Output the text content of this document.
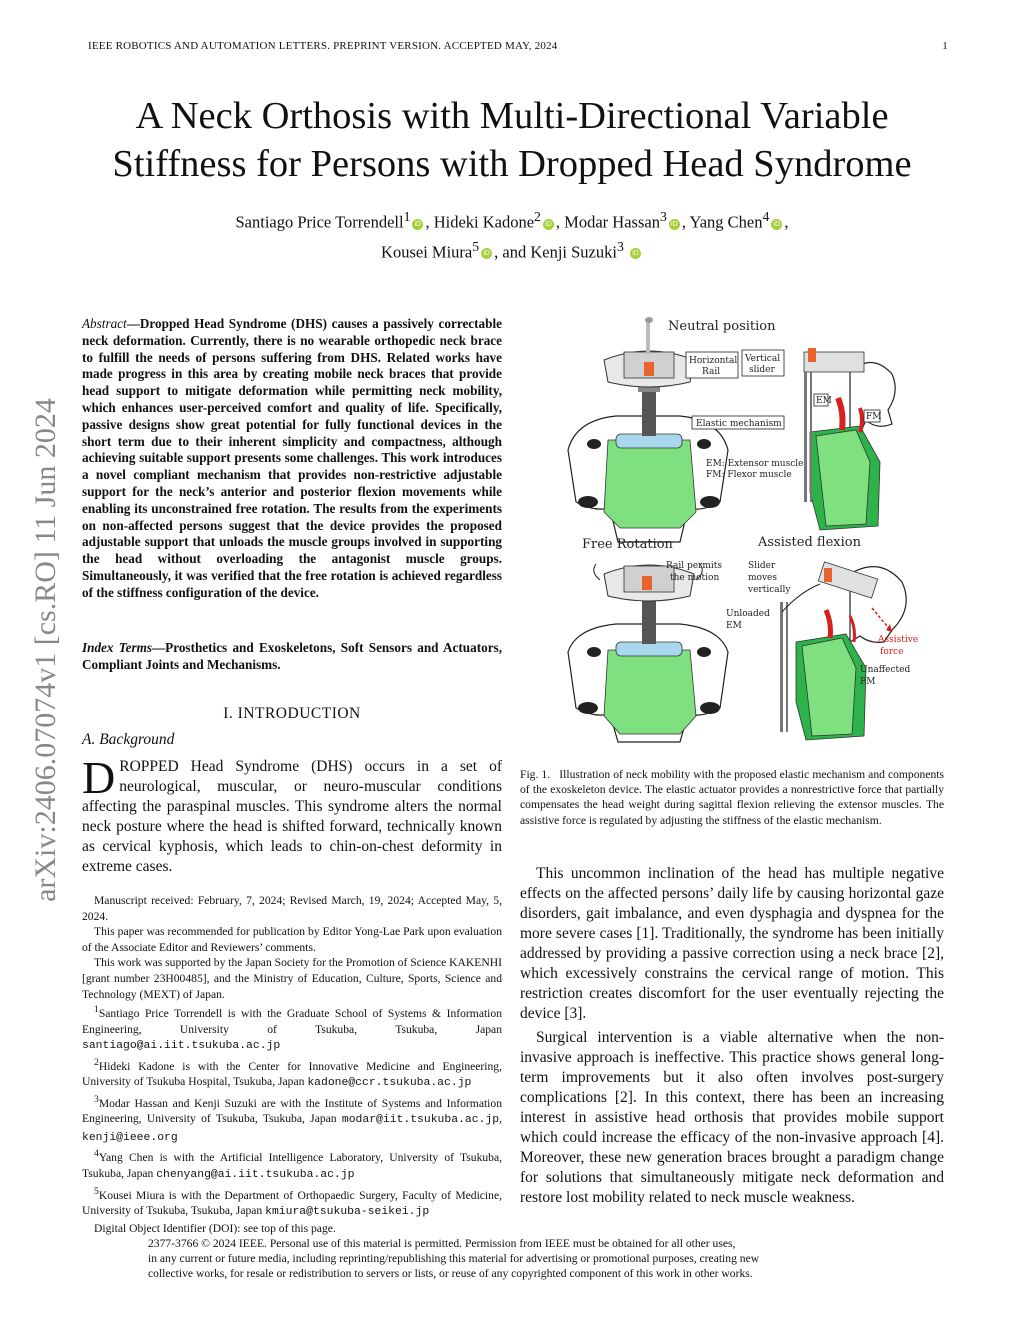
IEEE ROBOTICS AND AUTOMATION LETTERS. PREPRINT VERSION. ACCEPTED MAY, 2024	1
A Neck Orthosis with Multi-Directional Variable
Stiffness for Persons with Dropped Head Syndrome
Santiago Price Torrendell$^1$ iD , Hideki Kadone$^2$ iD , Modar Hassan$^3$ iD , Yang Chen$^4$ iD ,
Kousei Miura$^5$ iD , and Kenji Suzuki$^3$ iD
arXiv:2406.07074v1 [cs.RO] 11 Jun 2024
Abstract—Dropped Head Syndrome (DHS) causes a passively correctable neck deformation. Currently, there is no wearable orthopedic neck brace to fulfill the needs of persons suffering from DHS. Related works have made progress in this area by creating mobile neck braces that provide head support to mitigate deformation while permitting neck mobility, which enhances user-perceived comfort and quality of life. Specifically, passive designs show great potential for fully functional devices in the short term due to their inherent simplicity and compactness, although achieving suitable support presents some challenges. This work introduces a novel compliant mechanism that provides non-restrictive adjustable support for the neck’s anterior and posterior flexion movements while enabling its unconstrained free rotation. The results from the experiments on non-affected persons suggest that the device provides the proposed adjustable support that unloads the muscle groups involved in supporting the head without overloading the antagonist muscle groups. Simultaneously, it was verified that the free rotation is achieved regardless of the stiffness configuration of the device.
Index Terms—Prosthetics and Exoskeletons, Soft Sensors and Actuators, Compliant Joints and Mechanisms.
I. INTRODUCTION
A. Background
DROPPED Head Syndrome (DHS) occurs in a set of neurological, muscular, or neuro-muscular conditions affecting the paraspinal muscles. This syndrome alters the normal neck posture where the head is shifted forward, technically known as cervical kyphosis, which leads to chin-on-chest deformity in extreme cases.

Manuscript received: February, 7, 2024; Revised March, 19, 2024; Accepted May, 5, 2024.

This paper was recommended for publication by Editor Yong-Lae Park upon evaluation of the Associate Editor and Reviewers’ comments.

This work was supported by the Japan Society for the Promotion of Science KAKENHI [grant number 23H00485], and the Ministry of Education, Culture, Sports, Science and Technology (MEXT) of Japan.

$^1$Santiago Price Torrendell is with the Graduate School of Systems & Information Engineering, University of Tsukuba, Tsukuba, Japan santiago@ai.iit.tsukuba.ac.jp

$^2$Hideki Kadone is with the Center for Innovative Medicine and Engineering, University of Tsukuba Hospital, Tsukuba, Japan kadone@ccr.tsukuba.ac.jp

$^3$Modar Hassan and Kenji Suzuki are with the Institute of Systems and Information Engineering, University of Tsukuba, Tsukuba, Japan modar@iit.tsukuba.ac.jp, kenji@ieee.org

$^4$Yang Chen is with the Artificial Intelligence Laboratory, University of Tsukuba, Tsukuba, Japan chenyang@ai.iit.tsukuba.ac.jp

$^5$Kousei Miura is with the Department of Orthopaedic Surgery, Faculty of Medicine, University of Tsukuba, Tsukuba, Japan kmiura@tsukuba-seikei.jp

Digital Object Identifier (DOI): see top of this page.

Neutral position
Horizontal
Rail
Vertical
slider
Elastic mechanism
EM: Extensor muscle
FM: Flexor muscle
EM
FM
Free Rotation
Rail permits
the motion
Assisted flexion
Slider
moves
vertically
Unloaded
EM
Assistive
force
Unaffected
FM
Fig. 1. Illustration of neck mobility with the proposed elastic mechanism and components of the exoskeleton device. The elastic actuator provides a nonrestrictive force that partially compensates the head weight during sagittal flexion relieving the extensor muscles. The assistive force is regulated by adjusting the stiffness of the elastic mechanism.

This uncommon inclination of the head has multiple negative effects on the affected persons’ daily life by causing horizontal gaze disorders, gait imbalance, and even dysphagia and dyspnea for the more severe cases [1]. Traditionally, the syndrome has been initially addressed by providing a passive correction using a neck brace [2], which excessively constrains the cervical range of motion. This restriction creates discomfort for the user eventually rejecting the device [3].

Surgical intervention is a viable alternative when the non-invasive approach is ineffective. This practice shows general long-term improvements but it also often involves post-surgery complications [2]. In this context, there has been an increasing interest in assistive head orthosis that provides mobile support which could increase the efficacy of the non-invasive approach [4]. Moreover, these new generation braces brought a paradigm change for solutions that simultaneously mitigate neck deformation and restore lost mobility related to neck muscle weakness.

2377-3766 © 2024 IEEE. Personal use of this material is permitted. Permission from IEEE must be obtained for all other uses,
in any current or future media, including reprinting/republishing this material for advertising or promotional purposes, creating new
collective works, for resale or redistribution to servers or lists, or reuse of any copyrighted component of this work in other works.
